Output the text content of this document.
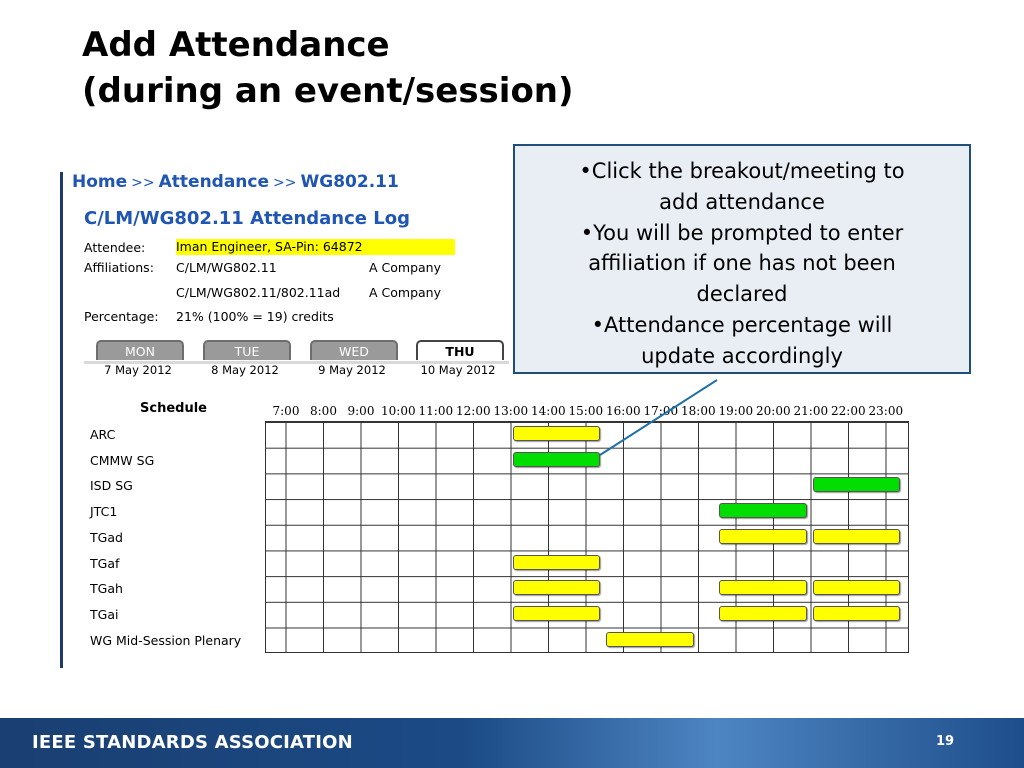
Add Attendance
(during an event/session)
Home >> Attendance >> WG802.11
C/LM/WG802.11 Attendance Log
Attendee: Iman Engineer, SA-Pin: 64872
Affiliations: C/LM/WG802.11	A Company
C/LM/WG802.11/802.11ad A Company
Percentage: 21% (100% = 19) credits
MON
7 May 2012
TUE
8 May 2012
WED
9 May 2012
THU
10 May 2012
Schedule	7:00 8:00 9:00 10:00 11:00 12:00 13:00 14:00 15:00 16:00 17:00 18:00 19:00 20:00 21:00 22:00 23:00
ARC
CMMW SG
ISD SG
JTC1
TGad
TGaf
TGah
TGai
WG Mid-Session Plenary
•Click the breakout/meeting to
add attendance
•You will be prompted to enter
affiliation if one has not been
declared
•Attendance percentage will
update accordingly
IEEE STANDARDS ASSOCIATION	19
